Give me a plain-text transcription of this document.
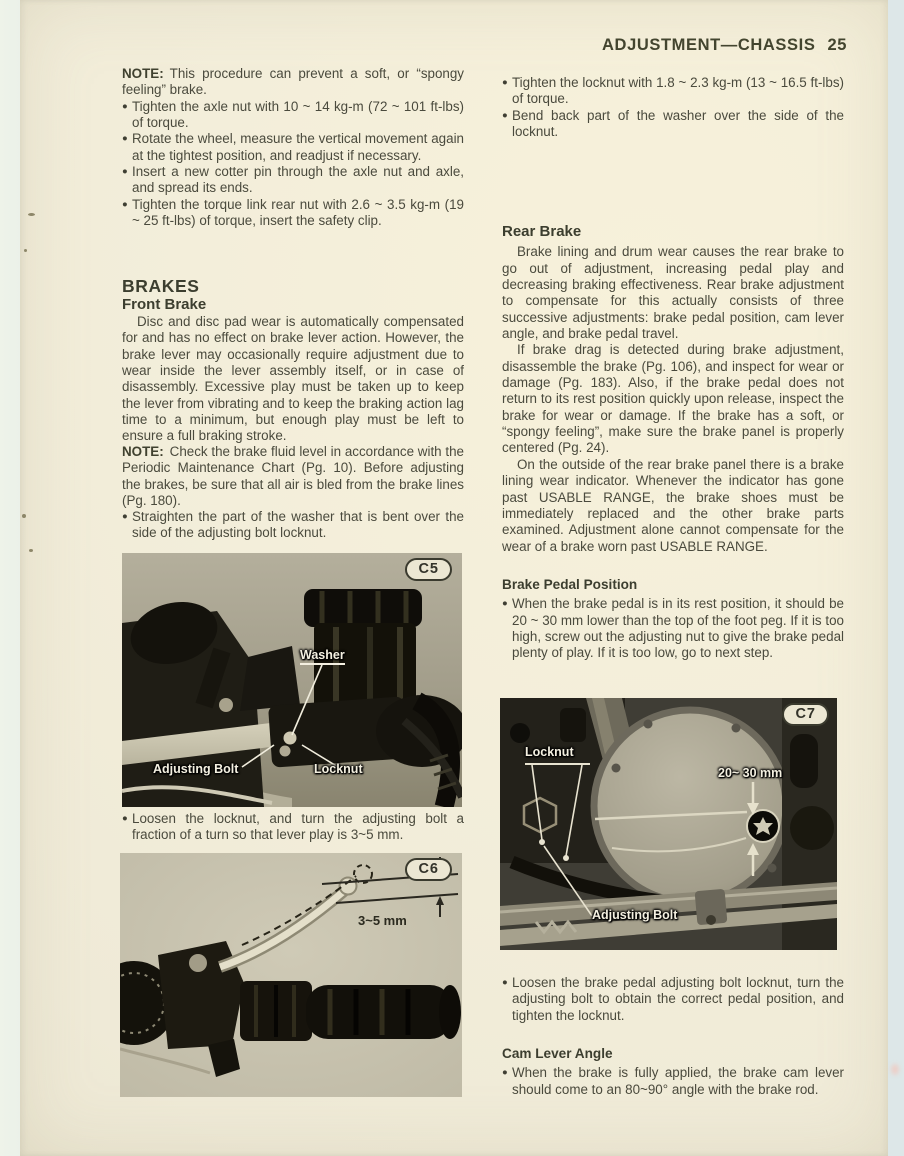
ADJUSTMENT—CHASSIS 25
NOTE: This procedure can prevent a soft, or “spongy feeling” brake.
● Tighten the axle nut with 10 ~ 14 kg-m (72 ~ 101 ft-lbs) of torque.
● Rotate the wheel, measure the vertical movement again at the tightest position, and readjust if necessary.
● Insert a new cotter pin through the axle nut and axle, and spread its ends.
● Tighten the torque link rear nut with 2.6 ~ 3.5 kg-m (19 ~ 25 ft-lbs) of torque, insert the safety clip.
BRAKES
Front Brake
Disc and disc pad wear is automatically compensated for and has no effect on brake lever action. However, the brake lever may occasionally require adjustment due to wear inside the lever assembly itself, or in case of disassembly. Excessive play must be taken up to keep the lever from vibrating and to keep the braking action lag time to a minimum, but enough play must be left to ensure a full braking stroke.
NOTE: Check the brake fluid level in accordance with the Periodic Maintenance Chart (Pg. 10). Before adjusting the brakes, be sure that all air is bled from the brake lines (Pg. 180).
● Straighten the part of the washer that is bent over the side of the adjusting bolt locknut.
Washer
Adjusting Bolt	Locknut
C5
● Loosen the locknut, and turn the adjusting bolt a fraction of a turn so that lever play is 3~5 mm.
3~5 mm
C6
● Tighten the locknut with 1.8 ~ 2.3 kg-m (13 ~ 16.5 ft-lbs) of torque.
● Bend back part of the washer over the side of the locknut.
Rear Brake
Brake lining and drum wear causes the rear brake to go out of adjustment, increasing pedal play and decreasing braking effectiveness. Rear brake adjustment to compensate for this actually consists of three successive adjustments: brake pedal position, cam lever angle, and brake pedal travel.
If brake drag is detected during brake adjustment, disassemble the brake (Pg. 106), and inspect for wear or damage (Pg. 183). Also, if the brake pedal does not return to its rest position quickly upon release, inspect the brake for wear or damage. If the brake has a soft, or “spongy feeling”, make sure the brake panel is properly centered (Pg. 24).
On the outside of the rear brake panel there is a brake lining wear indicator. Whenever the indicator has gone past USABLE RANGE, the brake shoes must be immediately replaced and the other brake parts examined. Adjustment alone cannot compensate for the wear of a brake worn past USABLE RANGE.
Brake Pedal Position
● When the brake pedal is in its rest position, it should be 20 ~ 30 mm lower than the top of the foot peg. If it is too high, screw out the adjusting nut to give the brake pedal plenty of play. If it is too low, go to next step.
Locknut
20~ 30 mm
Adjusting Bolt
C7
● Loosen the brake pedal adjusting bolt locknut, turn the adjusting bolt to obtain the correct pedal position, and tighten the locknut.
Cam Lever Angle
● When the brake is fully applied, the brake cam lever should come to an 80~90° angle with the brake rod.
